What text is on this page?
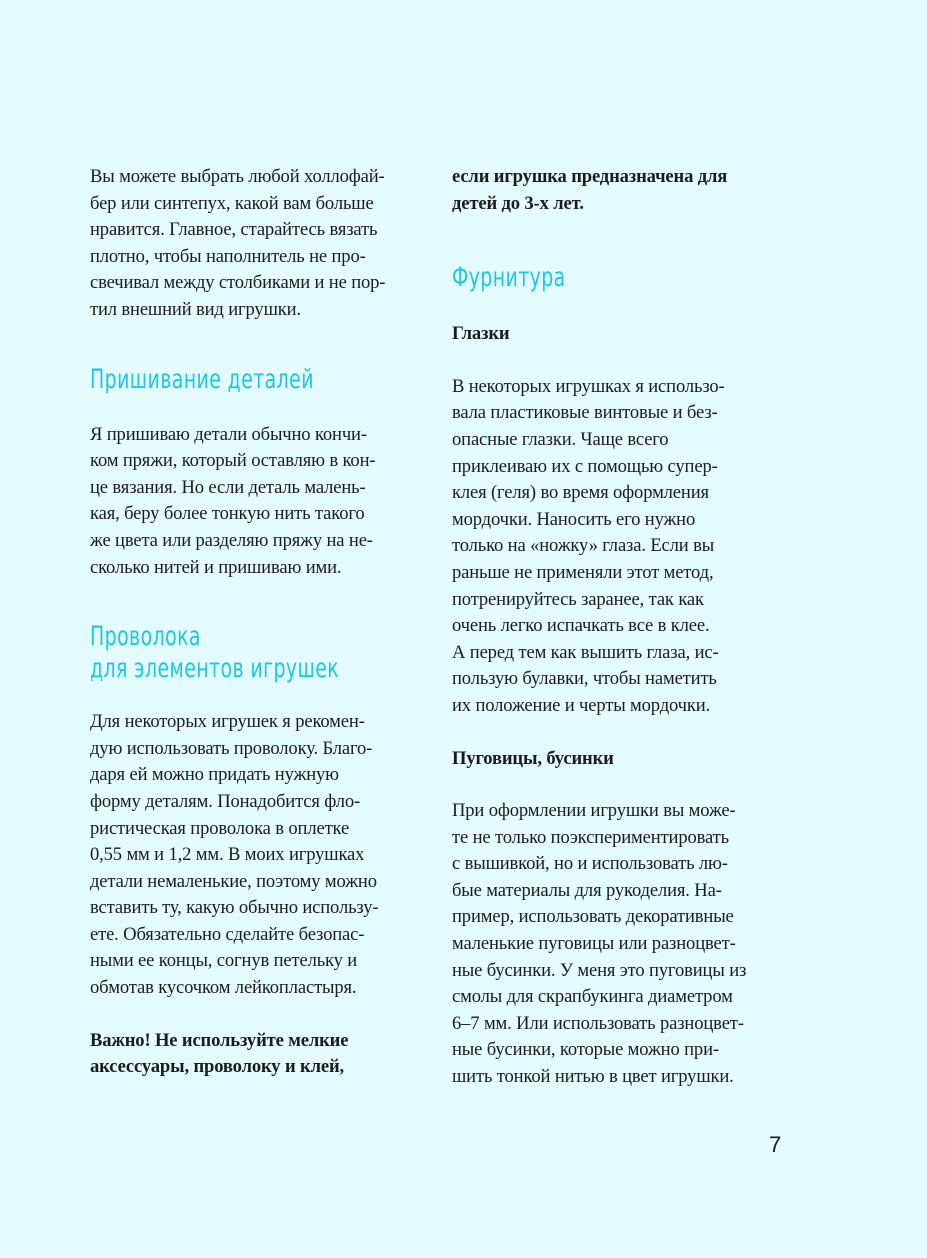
Вы можете выбрать любой холлофай-
бер или синтепух, какой вам больше
нравится. Главное, старайтесь вязать
плотно, чтобы наполнитель не про-
свечивал между столбиками и не пор-
тил внешний вид игрушки.
Пришивание деталей
Я пришиваю детали обычно кончи-
ком пряжи, который оставляю в кон-
це вязания. Но если деталь малень-
кая, беру более тонкую нить такого
же цвета или разделяю пряжу на не-
сколько нитей и пришиваю ими.
Проволока
для элементов игрушек
Для некоторых игрушек я рекомен-
дую использовать проволоку. Благо-
даря ей можно придать нужную
форму деталям. Понадобится фло-
ристическая проволока в оплетке
0,55 мм и 1,2 мм. В моих игрушках
детали немаленькие, поэтому можно
вставить ту, какую обычно использу-
ете. Обязательно сделайте безопас-
ными ее концы, согнув петельку и
обмотав кусочком лейкопластыря.
Важно! Не используйте мелкие
аксессуары, проволоку и клей,
если игрушка предназначена для
детей до 3-х лет.
Фурнитура
Глазки
В некоторых игрушках я использо-
вала пластиковые винтовые и без-
опасные глазки. Чаще всего
приклеиваю их с помощью супер-
клея (геля) во время оформления
мордочки. Наносить его нужно
только на «ножку» глаза. Если вы
раньше не применяли этот метод,
потренируйтесь заранее, так как
очень легко испачкать все в клее.
А перед тем как вышить глаза, ис-
пользую булавки, чтобы наметить
их положение и черты мордочки.
Пуговицы, бусинки
При оформлении игрушки вы може-
те не только поэкспериментировать
с вышивкой, но и использовать лю-
бые материалы для рукоделия. На-
пример, использовать декоративные
маленькие пуговицы или разноцвет-
ные бусинки. У меня это пуговицы из
смолы для скрапбукинга диаметром
6–7 мм. Или использовать разноцвет-
ные бусинки, которые можно при-
шить тонкой нитью в цвет игрушки.
7
